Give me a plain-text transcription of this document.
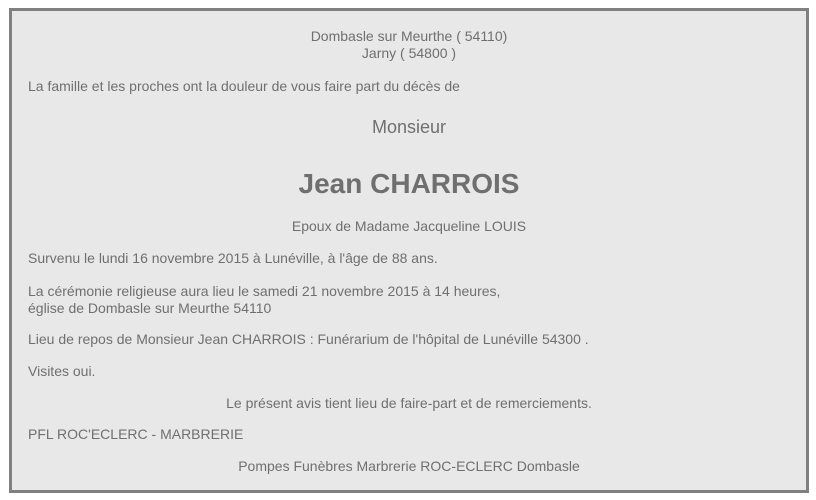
Dombasle sur Meurthe ( 54110)
Jarny ( 54800 )
La famille et les proches ont la douleur de vous faire part du décès de
Monsieur
Jean CHARROIS
Epoux de Madame Jacqueline LOUIS
Survenu le lundi 16 novembre 2015 à Lunéville, à l'âge de 88 ans.
La cérémonie religieuse aura lieu le samedi 21 novembre 2015 à 14 heures,
église de Dombasle sur Meurthe 54110
Lieu de repos de Monsieur Jean CHARROIS : Funérarium de l'hôpital de Lunéville 54300 .
Visites oui.
Le présent avis tient lieu de faire-part et de remerciements.
PFL ROC'ECLERC - MARBRERIE
Pompes Funèbres Marbrerie ROC-ECLERC Dombasle
